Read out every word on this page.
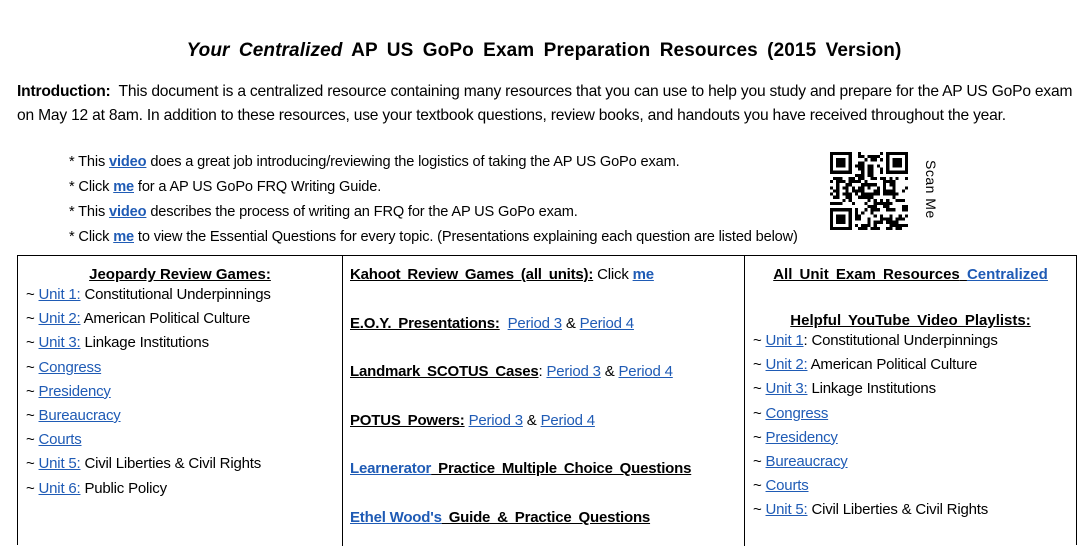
Your Centralized AP US GoPo Exam Preparation Resources (2015 Version)
Introduction: This document is a centralized resource containing many resources that you can use to help you study and prepare for the AP US GoPo exam on May 12 at 8am. In addition to these resources, use your textbook questions, review books, and handouts you have received throughout the year.
* This video does a great job introducing/reviewing the logistics of taking the AP US GoPo exam.
* Click me for a AP US GoPo FRQ Writing Guide.
* This video describes the process of writing an FRQ for the AP US GoPo exam.
* Click me to view the Essential Questions for every topic. (Presentations explaining each question are listed below)
Scan Me
Jeopardy Review Games:
~ Unit 1: Constitutional Underpinnings
~ Unit 2: American Political Culture
~ Unit 3: Linkage Institutions
~ Congress
~ Presidency
~ Bureaucracy
~ Courts
~ Unit 5: Civil Liberties & Civil Rights
~ Unit 6: Public Policy
Kahoot Review Games (all units): Click me
E.O.Y. Presentations: Period 3 & Period 4
Landmark SCOTUS Cases: Period 3 & Period 4
POTUS Powers: Period 3 & Period 4
Learnerator Practice Multiple Choice Questions
Ethel Wood's Guide & Practice Questions
All Unit Exam Resources Centralized
Helpful YouTube Video Playlists:
~ Unit 1: Constitutional Underpinnings
~ Unit 2: American Political Culture
~ Unit 3: Linkage Institutions
~ Congress
~ Presidency
~ Bureaucracy
~ Courts
~ Unit 5: Civil Liberties & Civil Rights
